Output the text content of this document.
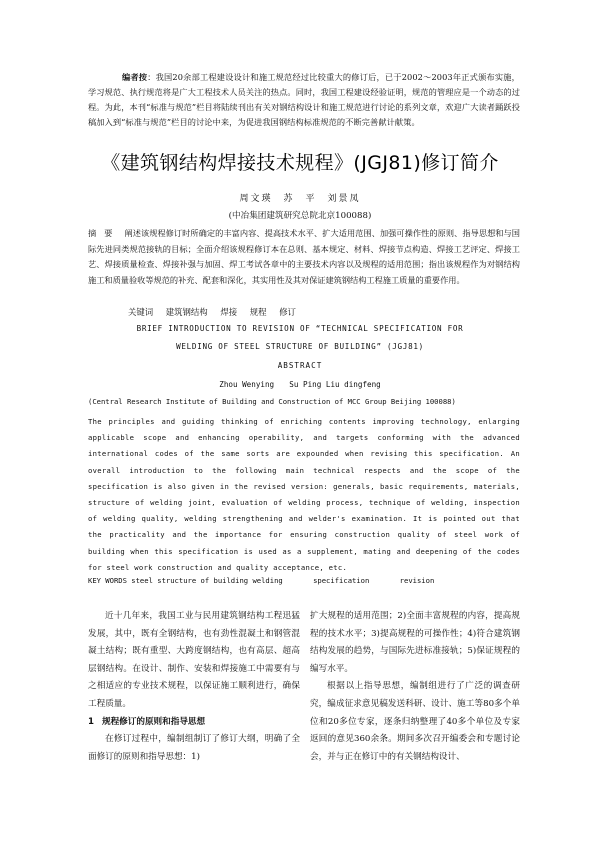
编者按：我国20余部工程建设设计和施工规范经过比较重大的修订后，已于2002～2003年正式颁布实施，学习规范、执行规范将是广大工程技术人员关注的热点。同时，我国工程建设经验证明，规范的管理应是一个动态的过程。为此，本刊“标准与规范”栏目将陆续刊出有关对钢结构设计和施工规范进行讨论的系列文章，欢迎广大读者踊跃投稿加入到“标准与规范”栏目的讨论中来，为促进我国钢结构标准规范的不断完善献计献策。
《建筑钢结构焊接技术规程》(JGJ81)修订简介
周文瑛　苏　平　刘景凤
(中冶集团建筑研究总院北京100088)
摘要 阐述该规程修订时所确定的丰富内容、提高技术水平、扩大适用范围、加强可操作性的原则、指导思想和与国际先进同类规范接轨的目标；全面介绍该规程修订本在总则、基本规定、材料、焊接节点构造、焊接工艺评定、焊接工艺、焊接质量检查、焊接补强与加固、焊工考试各章中的主要技术内容以及规程的适用范围；指出该规程作为对钢结构施工和质量验收等规范的补充、配套和深化，其实用性及其对保证建筑钢结构工程施工质量的重要作用。
关键词 建筑钢结构 焊接 规程 修订
BRIEF INTRODUCTION TO REVISION OF “TECHNICAL SPECIFICATION FOR
WELDING OF STEEL STRUCTURE OF BUILDING” (JGJ81)
ABSTRACT
Zhou Wenying　　Su Ping Liu dingfeng
(Central Research Institute of Building and Construction of MCC Group Beijing 100088)
The principles and guiding thinking of enriching contents improving technology, enlarging applicable scope and enhancing operability, and targets conforming with the advanced international codes of the same sorts are expounded when revising this specification. An overall introduction to the following main technical respects and the scope of the specification is also given in the revised version: generals, basic requirements, materials, structure of welding joint, evaluation of welding process, technique of welding, inspection of welding quality, welding strengthening and welder's examination. It is pointed out that the practicality and the importance for ensuring construction quality of steel work of building when this specification is used as a supplement, mating and deepening of the codes for steel work construction and quality acceptance, etc.
KEY WORDS steel structure of building welding	specification	revision

近十几年来，我国工业与民用建筑钢结构工程迅猛发展，其中，既有全钢结构，也有劲性混凝土和钢管混凝土结构；既有重型、大跨度钢结构，也有高层、超高层钢结构。在设计、制作、安装和焊接施工中需要有与之相适应的专业技术规程，以保证施工顺利进行，确保工程质量。

1 规程修订的原则和指导思想

在修订过程中，编制组制订了修订大纲，明确了全面修订的原则和指导思想：1)

扩大规程的适用范围；2)全面丰富规程的内容，提高规程的技术水平；3)提高规程的可操作性；4)符合建筑钢结构发展的趋势，与国际先进标准接轨；5)保证规程的编写水平。

根据以上指导思想，编制组进行了广泛的调查研究，编成征求意见稿发送科研、设计、施工等80多个单位和20多位专家，逐条归纳整理了40多个单位及专家返回的意见360余条。期间多次召开编委会和专题讨论会，并与正在修订中的有关钢结构设计、
